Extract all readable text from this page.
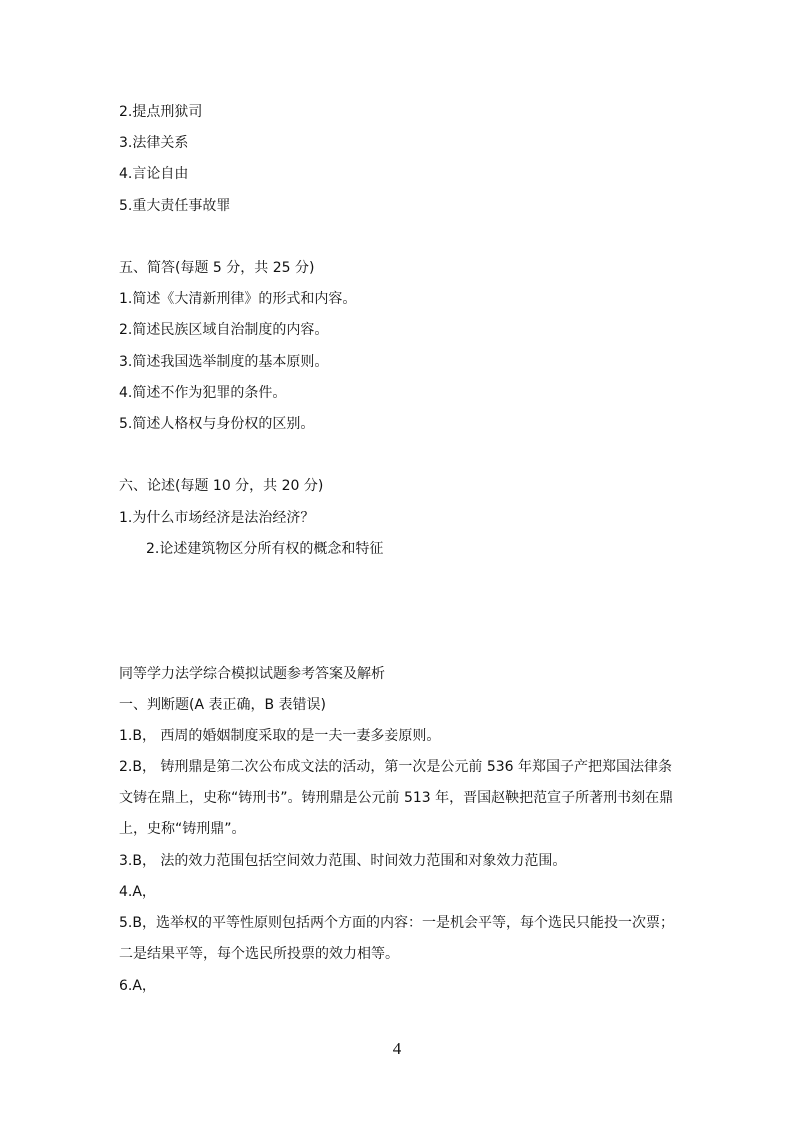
2.提点刑狱司

3.法律关系

4.言论自由

5.重大责任事故罪

五、简答(每题 5 分，共 25 分)

1.简述《大清新刑律》的形式和内容。

2.简述民族区域自治制度的内容。

3.简述我国选举制度的基本原则。

4.简述不作为犯罪的条件。

5.简述人格权与身份权的区别。

六、论述(每题 10 分，共 20 分)

1.为什么市场经济是法治经济？

2.论述建筑物区分所有权的概念和特征

同等学力法学综合模拟试题参考答案及解析

一、判断题(A 表正确，B 表错误)

1.B， 西周的婚姻制度采取的是一夫一妻多妾原则。

2.B， 铸刑鼎是第二次公布成文法的活动，第一次是公元前 536 年郑国子产把郑国法律条文铸在鼎上，史称“铸刑书”。铸刑鼎是公元前 513 年，晋国赵鞅把范宣子所著刑书刻在鼎上，史称“铸刑鼎”。

3.B， 法的效力范围包括空间效力范围、时间效力范围和对象效力范围。

4.A，

5.B，选举权的平等性原则包括两个方面的内容：一是机会平等，每个选民只能投一次票；二是结果平等，每个选民所投票的效力相等。

6.A，

4
